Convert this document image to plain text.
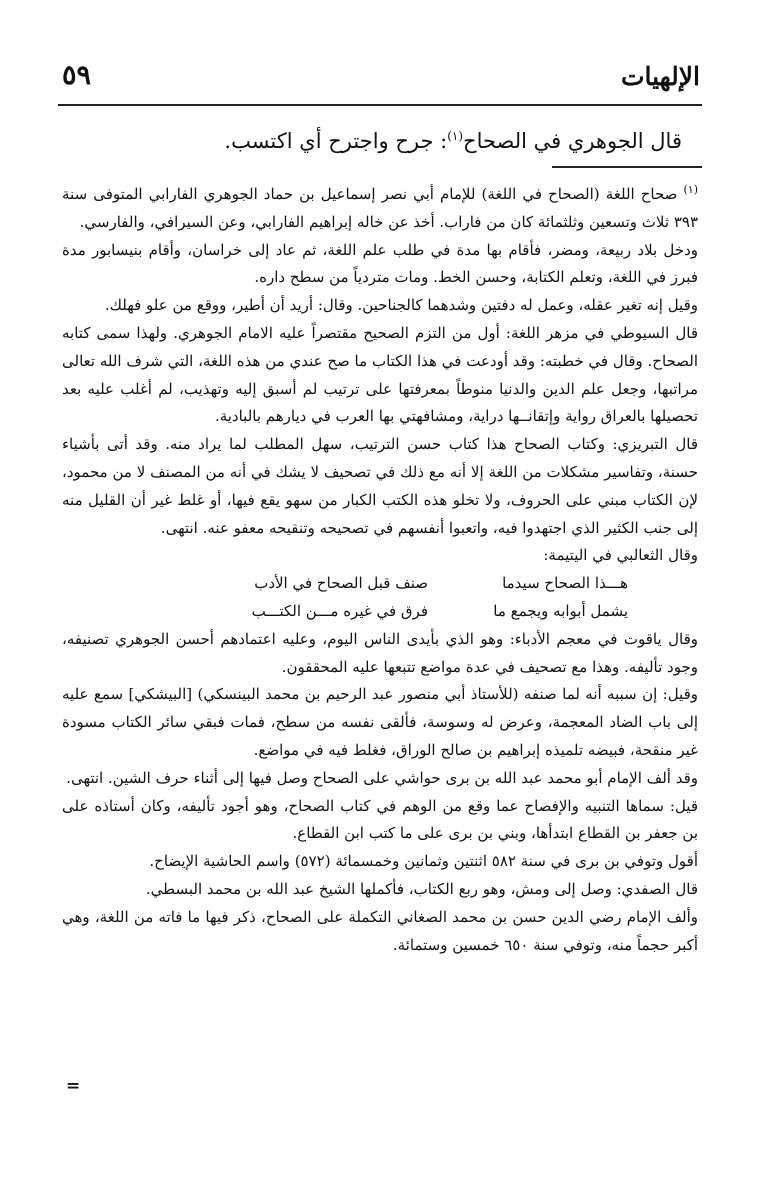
الإلهيات
٥٩
قال الجوهري في الصحاح$^{(١)}$: جرح واجترح أي اكتسب.

$^{(١)}$ صحاح اللغة (الصحاح في اللغة) للإمام أبي نصر إسماعيل بن حماد الجوهري الفارابي المتوفى سنة ٣٩٣ ثلاث وتسعين وثلثمائة كان من فاراب. أخذ عن خاله إبراهيم الفارابي، وعن السيرافي، والفارسي.

ودخل بلاد ربيعة، ومضر، فأقام بها مدة في طلب علم اللغة، ثم عاد إلى خراسان، وأقام بنيسابور مدة فبرز في اللغة، وتعلم الكتابة، وحسن الخط. ومات متردياً من سطح داره.

وقيل إنه تغير عقله، وعمل له دفتين وشدهما كالجناحين. وقال: أريد أن أطير، ووقع من علو فهلك.

قال السيوطي في مزهر اللغة: أول من التزم الصحيح مقتصراً عليه الامام الجوهري. ولهذا سمى كتابه الصحاح. وقال في خطبته: وقد أودعت في هذا الكتاب ما صح عندي من هذه اللغة، التي شرف الله تعالى مراتبها، وجعل علم الدين والدنيا منوطاً بمعرفتها على ترتيب لم أسبق إليه وتهذيب، لم أغلب عليه بعد تحصيلها بالعراق رواية وإتقانــها دراية، ومشافهتي بها العرب في ديارهم بالبادية.

قال التبريزي: وكتاب الصحاح هذا كتاب حسن الترتيب، سهل المطلب لما يراد منه. وقد أتى بأشياء حسنة، وتفاسير مشكلات من اللغة إلا أنه مع ذلك في تصحيف لا يشك في أنه من المصنف لا من محمود، لإن الكتاب مبني على الحروف، ولا تخلو هذه الكتب الكبار من سهو يقع فيها، أو غلط غير أن القليل منه إلى جنب الكثير الذي اجتهدوا فيه، واتعبوا أنفسهم في تصحيحه وتنقيحه معفو عنه. انتهى.

وقال الثعالبي في اليتيمة:

هـــذا الصحاح سيدما
صنف قبل الصحاح في الأدب
يشمل أبوابه ويجمع ما
فرق في غيره مـــن الكتـــب

وقال ياقوت في معجم الأدباء: وهو الذي بأيدى الناس اليوم، وعليه اعتمادهم أحسن الجوهري تصنيفه، وجود تأليفه. وهذا مع تصحيف في عدة مواضع تتبعها عليه المحققون.

وقيل: إن سببه أنه لما صنفه (للأستاذ أبي منصور عبد الرحيم بن محمد البينسكي) [البيشكي] سمع عليه إلى باب الضاد المعجمة، وعرض له وسوسة، فألقى نفسه من سطح، فمات فبقي سائر الكتاب مسودة غير منقحة، فبيضه تلميذه إبراهيم بن صالح الوراق، فغلط فيه في مواضع.

وقد ألف الإمام أبو محمد عبد الله بن برى حواشي على الصحاح وصل فيها إلى أثناء حرف الشين. انتهى.

قيل: سماها التنبيه والإفصاح عما وقع من الوهم في كتاب الصحاح، وهو أجود تأليفه، وكان أستاذه على بن جعفر بن القطاع ابتدأها، وبني بن برى على ما كتب ابن القطاع.

أقول وتوفي بن برى في سنة ٥٨٢ اثنتين وثمانين وخمسمائة (٥٧٢) واسم الحاشية الإيضاح.

قال الصفدي: وصل إلى ومش، وهو ربع الكتاب، فأكملها الشيخ عبد الله بن محمد البسطي.

وألف الإمام رضي الدين حسن بن محمد الصغاني التكملة على الصحاح، ذكر فيها ما فاته من اللغة، وهي أكبر حجماً منه، وتوفي سنة ٦٥٠ خمسين وستمائة.

=
